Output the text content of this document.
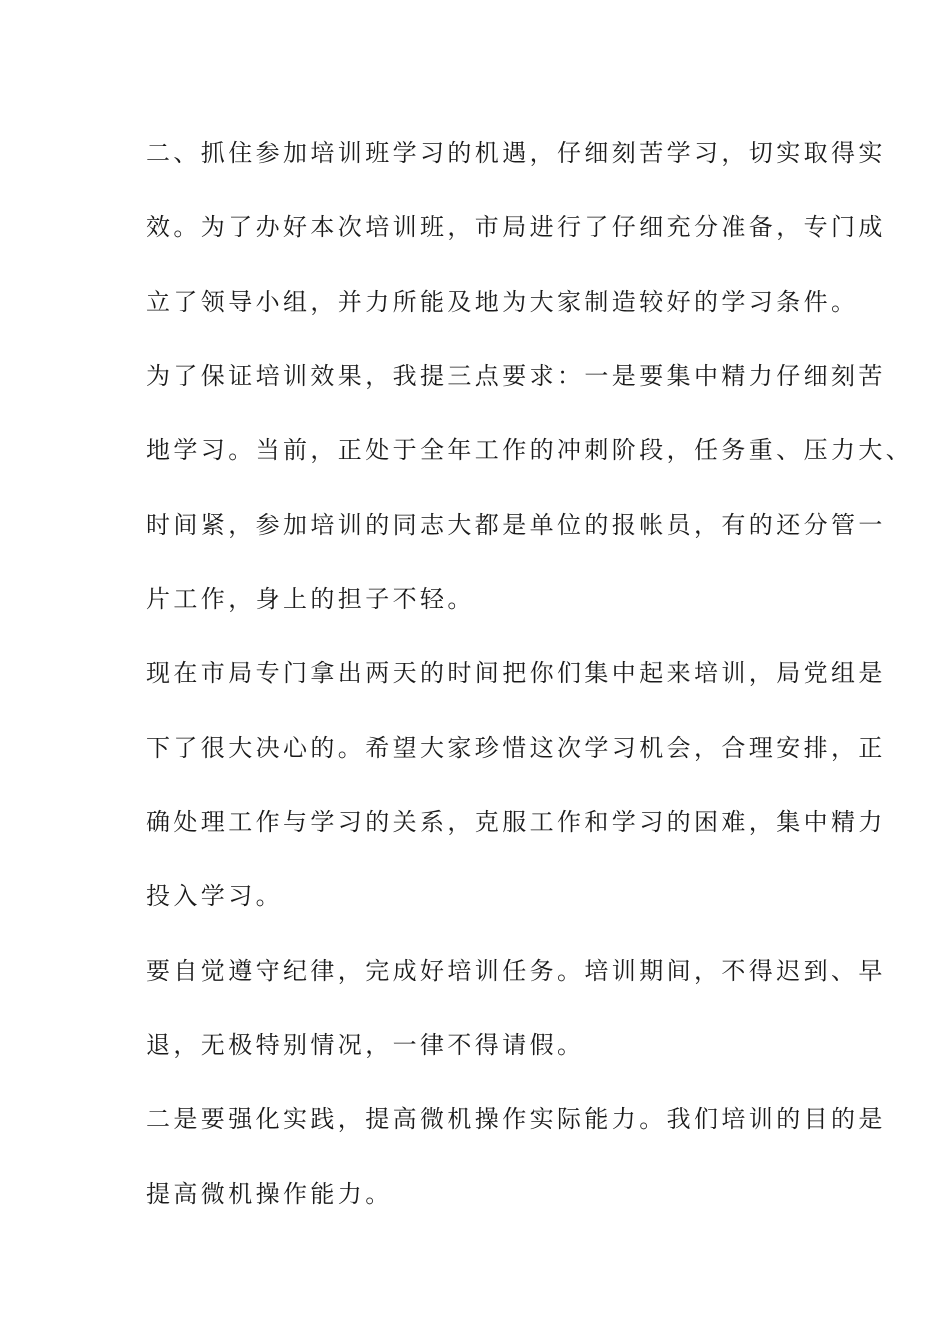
二、抓住参加培训班学习的机遇，仔细刻苦学习，切实取得实
效。为了办好本次培训班，市局进行了仔细充分准备，专门成
立了领导小组，并力所能及地为大家制造较好的学习条件。
为了保证培训效果，我提三点要求：一是要集中精力仔细刻苦
地学习。当前，正处于全年工作的冲刺阶段，任务重、压力大、
时间紧，参加培训的同志大都是单位的报帐员，有的还分管一
片工作，身上的担子不轻。
现在市局专门拿出两天的时间把你们集中起来培训，局党组是
下了很大决心的。希望大家珍惜这次学习机会，合理安排，正
确处理工作与学习的关系，克服工作和学习的困难，集中精力
投入学习。
要自觉遵守纪律，完成好培训任务。培训期间，不得迟到、早
退，无极特别情况，一律不得请假。
二是要强化实践，提高微机操作实际能力。我们培训的目的是
提高微机操作能力。
